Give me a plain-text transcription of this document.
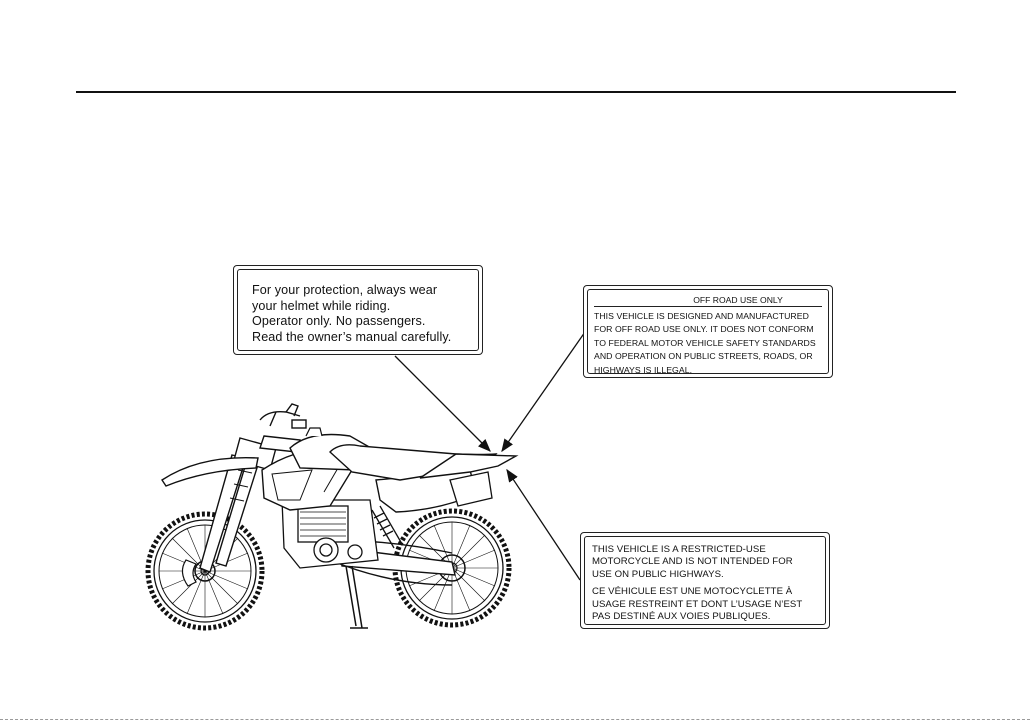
For your protection, always wear
your helmet while riding.
Operator only. No passengers.
Read the owner’s manual carefully.
OFF ROAD USE ONLY
THIS VEHICLE IS DESIGNED AND MANUFACTURED
FOR OFF ROAD USE ONLY. IT DOES NOT CONFORM
TO FEDERAL MOTOR VEHICLE SAFETY STANDARDS
AND OPERATION ON PUBLIC STREETS, ROADS, OR
HIGHWAYS IS ILLEGAL.
THIS VEHICLE IS A RESTRICTED-USE
MOTORCYCLE AND IS NOT INTENDED FOR
USE ON PUBLIC HIGHWAYS.
CE VÉHICULE EST UNE MOTOCYCLETTE À
USAGE RESTREINT ET DONT L’USAGE N’EST
PAS DESTINÉ AUX VOIES PUBLIQUES.
